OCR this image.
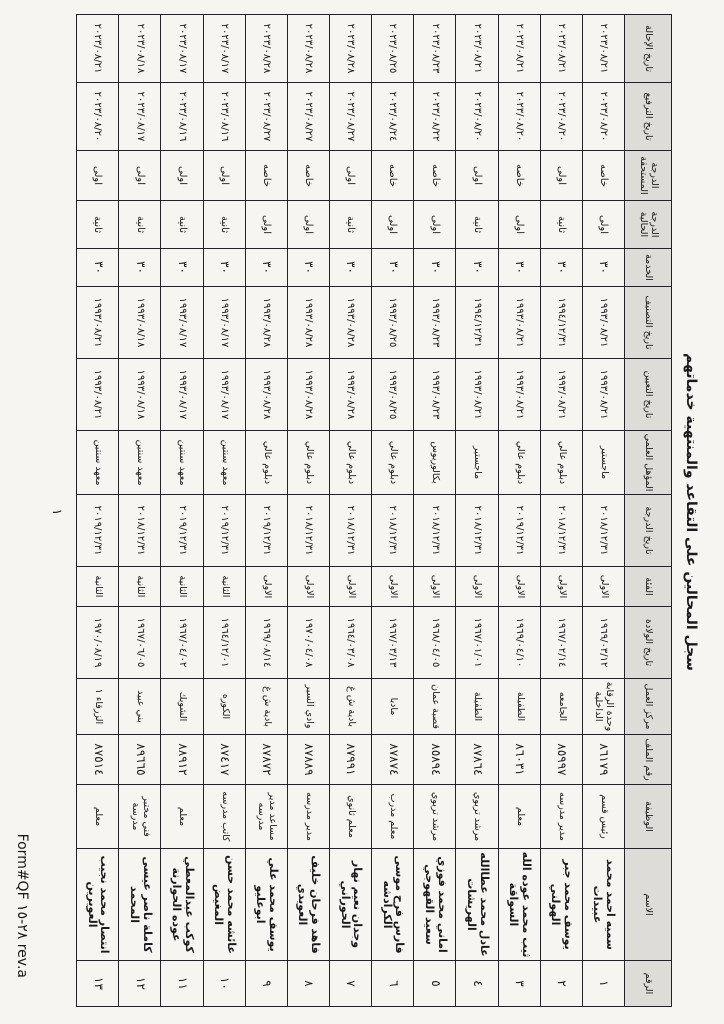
سجل المحالين على التقاعد والمنتهية خدماتهم
الرقم	الاسم	الوظيفة	رقم الملف	مركز العمل	تاريخ الولادة	الفئة	تاريخ الدرجة	المؤهل العلمي	تاريخ التعيين	تاريخ التصنيف	الخدمة	الدرجة الحالية	الدرجة المستحقة	تاريخ الترفيع	تاريخ الإحالة
١	سميه احمد محمد عبيدات	رئيس قسم	٨٦١٧٩	وحدة الرقابة الداخلية	١٩٦٩/٠٣/١٢	الاولى	٢٠١٨/١٢/٣١	ماجستير	١٩٩٣/٠٨/٢١	١٩٩٣/٠٨/٢١	٣٠	اولى	خاصه	٢٠٢٣/٠٨/٢٠	٢٠٢٣/٠٨/٢١
٢	يوسف محمد جبر الهولني	مدير مدرسه	٨٥٩٩٧	الجامعه	١٩٦٧/٠٢/١٤	الاولى	٢٠١٨/١٢/٣١	دبلوم عالي	١٩٩٣/٠٨/٢١	١٩٩٤/١٢/٣١	٣٠	ثانية	اولى	٢٠٢٣/٠٨/٢٠	٢٠٢٣/٠٨/٢١
٣	ثيب محمد عوده الله السواقة	معلم	٨٦٠٣١	الطفيلة	١٩٦٩/٠٤/١٠	الاولى	٢٠١٩/١٢/٣١	دبلوم عالي	١٩٩٣/٠٨/٢١	١٩٩٣/٠٨/٢١	٣٠	اولى	خاصه	٢٠٢٣/٠٨/٢٠	٢٠٢٣/٠٨/٢١
٤	عادل محمد عطاالله الهريشات	مرشد تربوي	٨٧٨٦٤	الطفيلة	١٩٦٧/٠١/٠١	الاولى	٢٠١٨/١٢/٣١	ماجستير	١٩٩٣/٠٨/٢١	١٩٩٤/١٢/٣١	٣٠	ثانية	اولى	٢٠٢٣/٠٨/٢٠	٢٠٢٣/٠٨/٢١
٥	اماني محمد فوزي سعيد القهوجي	مرشد تربوي	٨٥٨٩٤	قصبة عمان	١٩٦٨/٠٤/٠٥	الاولى	٢٠١٨/١٢/٣١	بكالوريوس	١٩٩٣/٠٨/٢٣	١٩٩٣/٠٨/٢٣	٣٠	اولى	خاصه	٢٠٢٣/٠٨/٢٢	٢٠٢٣/٠٨/٢٣
٦	فارس فرح موسى الكرادشه	معلم مدرب	٨٧٨٧٤	مادبا	١٩٦٧/٠٣/١٣	الاولى	٢٠١٨/١٢/٣١	دبلوم عالي	١٩٩٣/٠٨/٢٥	١٩٩٣/٠٨/٢٥	٣٠	اولى	خاصه	٢٠٢٣/٠٨/٢٤	٢٠٢٣/٠٨/٢٥
٧	وجدان نعيم نهار الحوراني	معلم ثانوي	٨٧٩٩١	بادية ش غ	١٩٦٤/٠٣/٠٨	الاولى	٢٠١٨/١٢/٣١	دبلوم عالي	١٩٩٣/٠٨/٢٨	١٩٩٣/٠٨/٢٨	٣٠	ثانية	اولى	٢٠٢٣/٠٨/٢٧	٢٠٢٣/٠٨/٢٨
٨	فاهد فرحان خليف العويدي	مدير مدرسه	٨٧٨٨٩	وادي السير	١٩٧٠/٠٤/٠٨	الاولى	٢٠١٨/١٢/٣١	دبلوم عالي	١٩٩٣/٠٨/٢٨	١٩٩٣/٠٨/٢٨	٣٠	اولى	خاصه	٢٠٢٣/٠٨/٢٧	٢٠٢٣/٠٨/٢٨
٩	يوسف محمد علي ابوعليو	مساعد مدير مدرسه	٨٧٨٧٢	بادية ش غ	١٩٦٩/٠٨/١٤	الاولى	٢٠١٩/١٢/٣١	دبلوم عالي	١٩٩٣/٠٨/٢٨	١٩٩٣/٠٨/٢٨	٣٠	اولى	خاصه	٢٠٢٣/٠٨/٢٧	٢٠٢٣/٠٨/٢٨
١٠	عائشه محمد حسن المغيض	كاتب مدرسه	٨٧٤١٧	الكوره	١٩٦٤/١٢/٠١	الثانية	٢٠١٩/١٢/٣١	معهد سنتين	١٩٩٣/٠٨/١٧	١٩٩٣/٠٨/١٧	٣٠	ثانية	اولى	٢٠٢٣/٠٨/١٦	٢٠٢٣/٠٨/١٧
١١	كوكب عبدالمعطي عوده الحوارنة	معلم	٨٨٩١٢	الشوبك	١٩٦٧/٠٤/٠٢	الثانية	٢٠١٩/١٢/٣١	معهد سنتين	١٩٩٣/٠٨/١٧	١٩٩٣/٠٨/١٧	٣٠	ثانية	اولى	٢٠٢٣/٠٨/١٦	٢٠٢٣/٠٨/١٧
١٢	كاملة ناصر عيسى المحمد	فني مختبر مدرسة	٨٩٦٦٥	بني عبيد	١٩٦٧/٠٦/٠٥	الثانية	٢٠١٨/١٢/٣١	معهد سنتين	١٩٩٣/٠٨/١٨	١٩٩٣/٠٨/١٨	٣٠	ثانية	اولى	٢٠٢٣/٠٨/١٧	٢٠٢٣/٠٨/١٨
١٣	انتصار محمد نجيب العويرين	معلم	٨٧٥١٤	الزرقاء ١	١٩٧٠/٠٨/١٩	الثانية	٢٠١٩/١٢/٣١	معهد سنتين	١٩٩٣/٠٨/٢١	١٩٩٣/٠٨/٢١	٣٠	ثانية	اولى	٢٠٢٣/٠٨/٢٠	٢٠٢٣/٠٨/٢١
١
Form#QF ٢٨-١٥ rev.a
